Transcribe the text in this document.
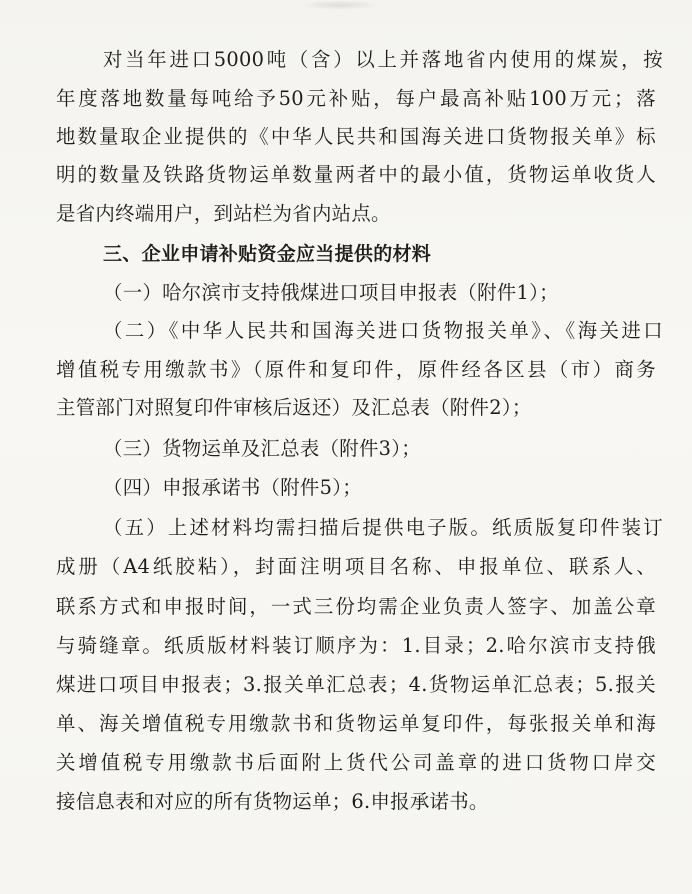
对当年进口5000吨（含）以上并落地省内使用的煤炭，按
年度落地数量每吨给予50元补贴，每户最高补贴100万元；落
地数量取企业提供的《中华人民共和国海关进口货物报关单》标
明的数量及铁路货物运单数量两者中的最小值，货物运单收货人
是省内终端用户，到站栏为省内站点。
三、企业申请补贴资金应当提供的材料
（一）哈尔滨市支持俄煤进口项目申报表（附件1）；
（二）《中华人民共和国海关进口货物报关单》、《海关进口
增值税专用缴款书》（原件和复印件，原件经各区县（市）商务
主管部门对照复印件审核后返还）及汇总表（附件2）；
（三）货物运单及汇总表（附件3）；
（四）申报承诺书（附件5）；
（五）上述材料均需扫描后提供电子版。纸质版复印件装订
成册（A4纸胶粘），封面注明项目名称、申报单位、联系人、
联系方式和申报时间，一式三份均需企业负责人签字、加盖公章
与骑缝章。纸质版材料装订顺序为：1.目录；2.哈尔滨市支持俄
煤进口项目申报表；3.报关单汇总表；4.货物运单汇总表；5.报关
单、海关增值税专用缴款书和货物运单复印件，每张报关单和海
关增值税专用缴款书后面附上货代公司盖章的进口货物口岸交
接信息表和对应的所有货物运单；6.申报承诺书。
